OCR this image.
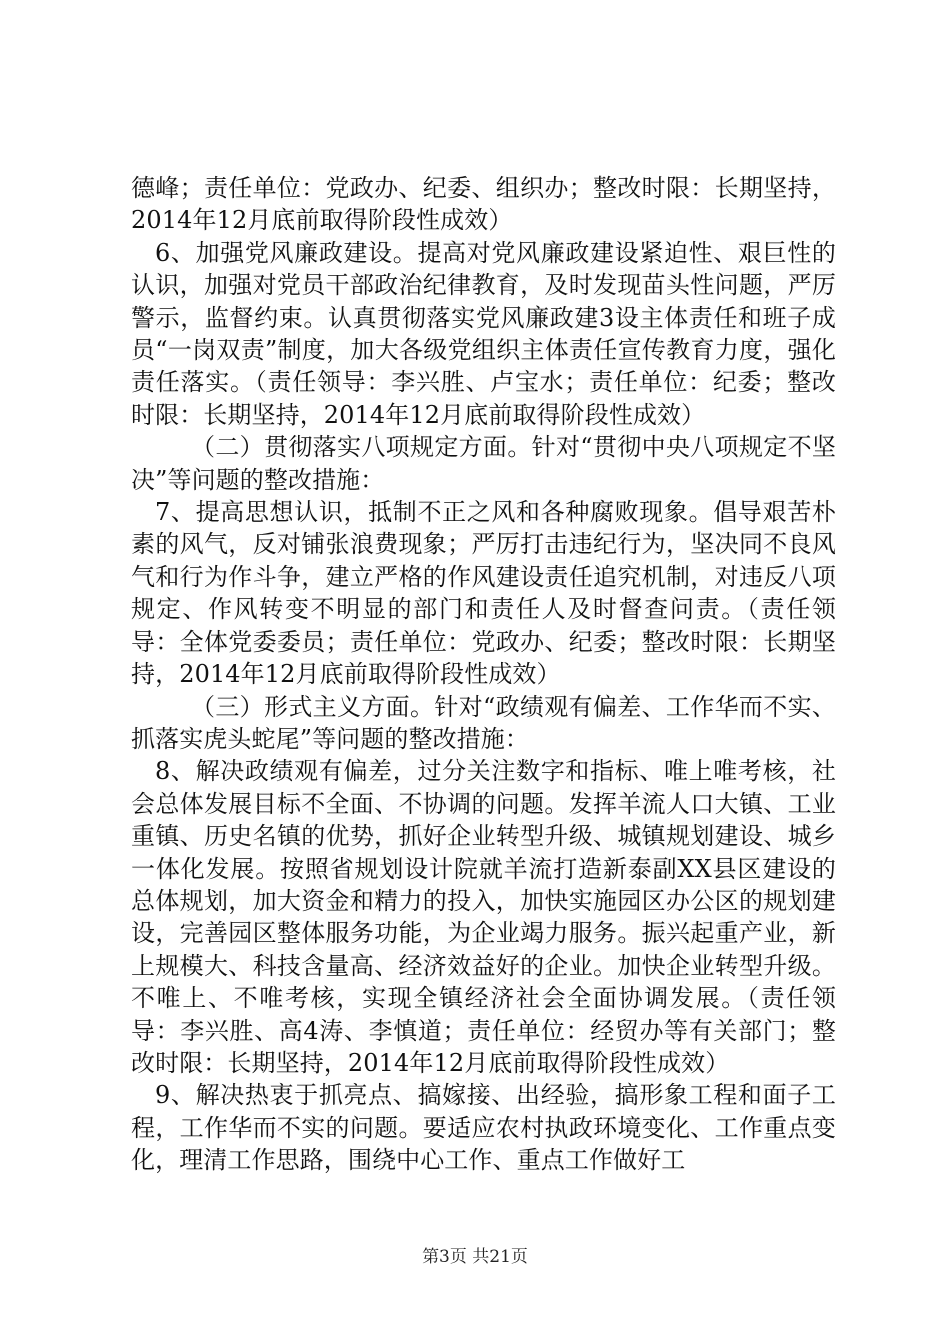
德峰；责任单位：党政办、纪委、组织办；整改时限：长期坚持，2014年12月底前取得阶段性成效）

6、加强党风廉政建设。提高对党风廉政建设紧迫性、艰巨性的认识，加强对党员干部政治纪律教育，及时发现苗头性问题，严厉警示，监督约束。认真贯彻落实党风廉政建3设主体责任和班子成员“一岗双责”制度，加大各级党组织主体责任宣传教育力度，强化责任落实。（责任领导：李兴胜、卢宝水；责任单位：纪委；整改时限：长期坚持，2014年12月底前取得阶段性成效）

（二）贯彻落实八项规定方面。针对“贯彻中央八项规定不坚决”等问题的整改措施：

7、提高思想认识，抵制不正之风和各种腐败现象。倡导艰苦朴素的风气，反对铺张浪费现象；严厉打击违纪行为，坚决同不良风气和行为作斗争，建立严格的作风建设责任追究机制，对违反八项规定、作风转变不明显的部门和责任人及时督查问责。（责任领导：全体党委委员；责任单位：党政办、纪委；整改时限：长期坚持，2014年12月底前取得阶段性成效）

（三）形式主义方面。针对“政绩观有偏差、工作华而不实、抓落实虎头蛇尾”等问题的整改措施：

8、解决政绩观有偏差，过分关注数字和指标、唯上唯考核，社会总体发展目标不全面、不协调的问题。发挥羊流人口大镇、工业重镇、历史名镇的优势，抓好企业转型升级、城镇规划建设、城乡一体化发展。按照省规划设计院就羊流打造新泰副XX县区建设的总体规划，加大资金和精力的投入，加快实施园区办公区的规划建设，完善园区整体服务功能，为企业竭力服务。振兴起重产业，新上规模大、科技含量高、经济效益好的企业。加快企业转型升级。不唯上、不唯考核，实现全镇经济社会全面协调发展。（责任领导：李兴胜、高4涛、李慎道；责任单位：经贸办等有关部门；整改时限：长期坚持，2014年12月底前取得阶段性成效）

9、解决热衷于抓亮点、搞嫁接、出经验，搞形象工程和面子工程，工作华而不实的问题。要适应农村执政环境变化、工作重点变化，理清工作思路，围绕中心工作、重点工作做好工

第3页 共21页
